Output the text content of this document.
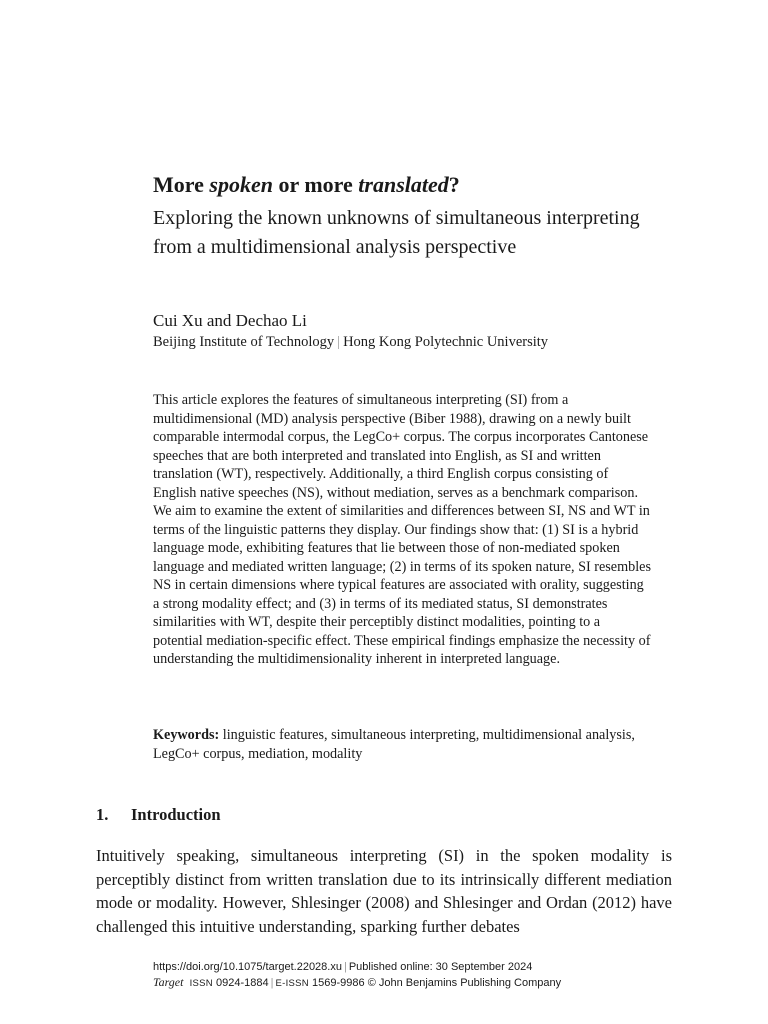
More spoken or more translated?

Exploring the known unknowns of simultaneous interpreting from a multidimensional analysis perspective

Cui Xu and Dechao Li

Beijing Institute of Technology | Hong Kong Polytechnic University

This article explores the features of simultaneous interpreting (SI) from a multidimensional (MD) analysis perspective (Biber 1988), drawing on a newly built comparable intermodal corpus, the LegCo+ corpus. The corpus incorporates Cantonese speeches that are both interpreted and translated into English, as SI and written translation (WT), respectively. Additionally, a third English corpus consisting of English native speeches (NS), without mediation, serves as a benchmark comparison. We aim to examine the extent of similarities and differences between SI, NS and WT in terms of the linguistic patterns they display. Our findings show that: (1) SI is a hybrid language mode, exhibiting features that lie between those of non-mediated spoken language and mediated written language; (2) in terms of its spoken nature, SI resembles NS in certain dimensions where typical features are associated with orality, suggesting a strong modality effect; and (3) in terms of its mediated status, SI demonstrates similarities with WT, despite their perceptibly distinct modalities, pointing to a potential mediation-specific effect. These empirical findings emphasize the necessity of understanding the multidimensionality inherent in interpreted language.

Keywords: linguistic features, simultaneous interpreting, multidimensional analysis, LegCo+ corpus, mediation, modality

1. Introduction

Intuitively speaking, simultaneous interpreting (SI) in the spoken modality is perceptibly distinct from written translation due to its intrinsically different mediation mode or modality. However, Shlesinger (2008) and Shlesinger and Ordan (2012) have challenged this intuitive understanding, sparking further debates

https://doi.org/10.1075/target.22028.xu | Published online: 30 September 2024
Target ISSN 0924-1884 | E-ISSN 1569-9986 © John Benjamins Publishing Company
